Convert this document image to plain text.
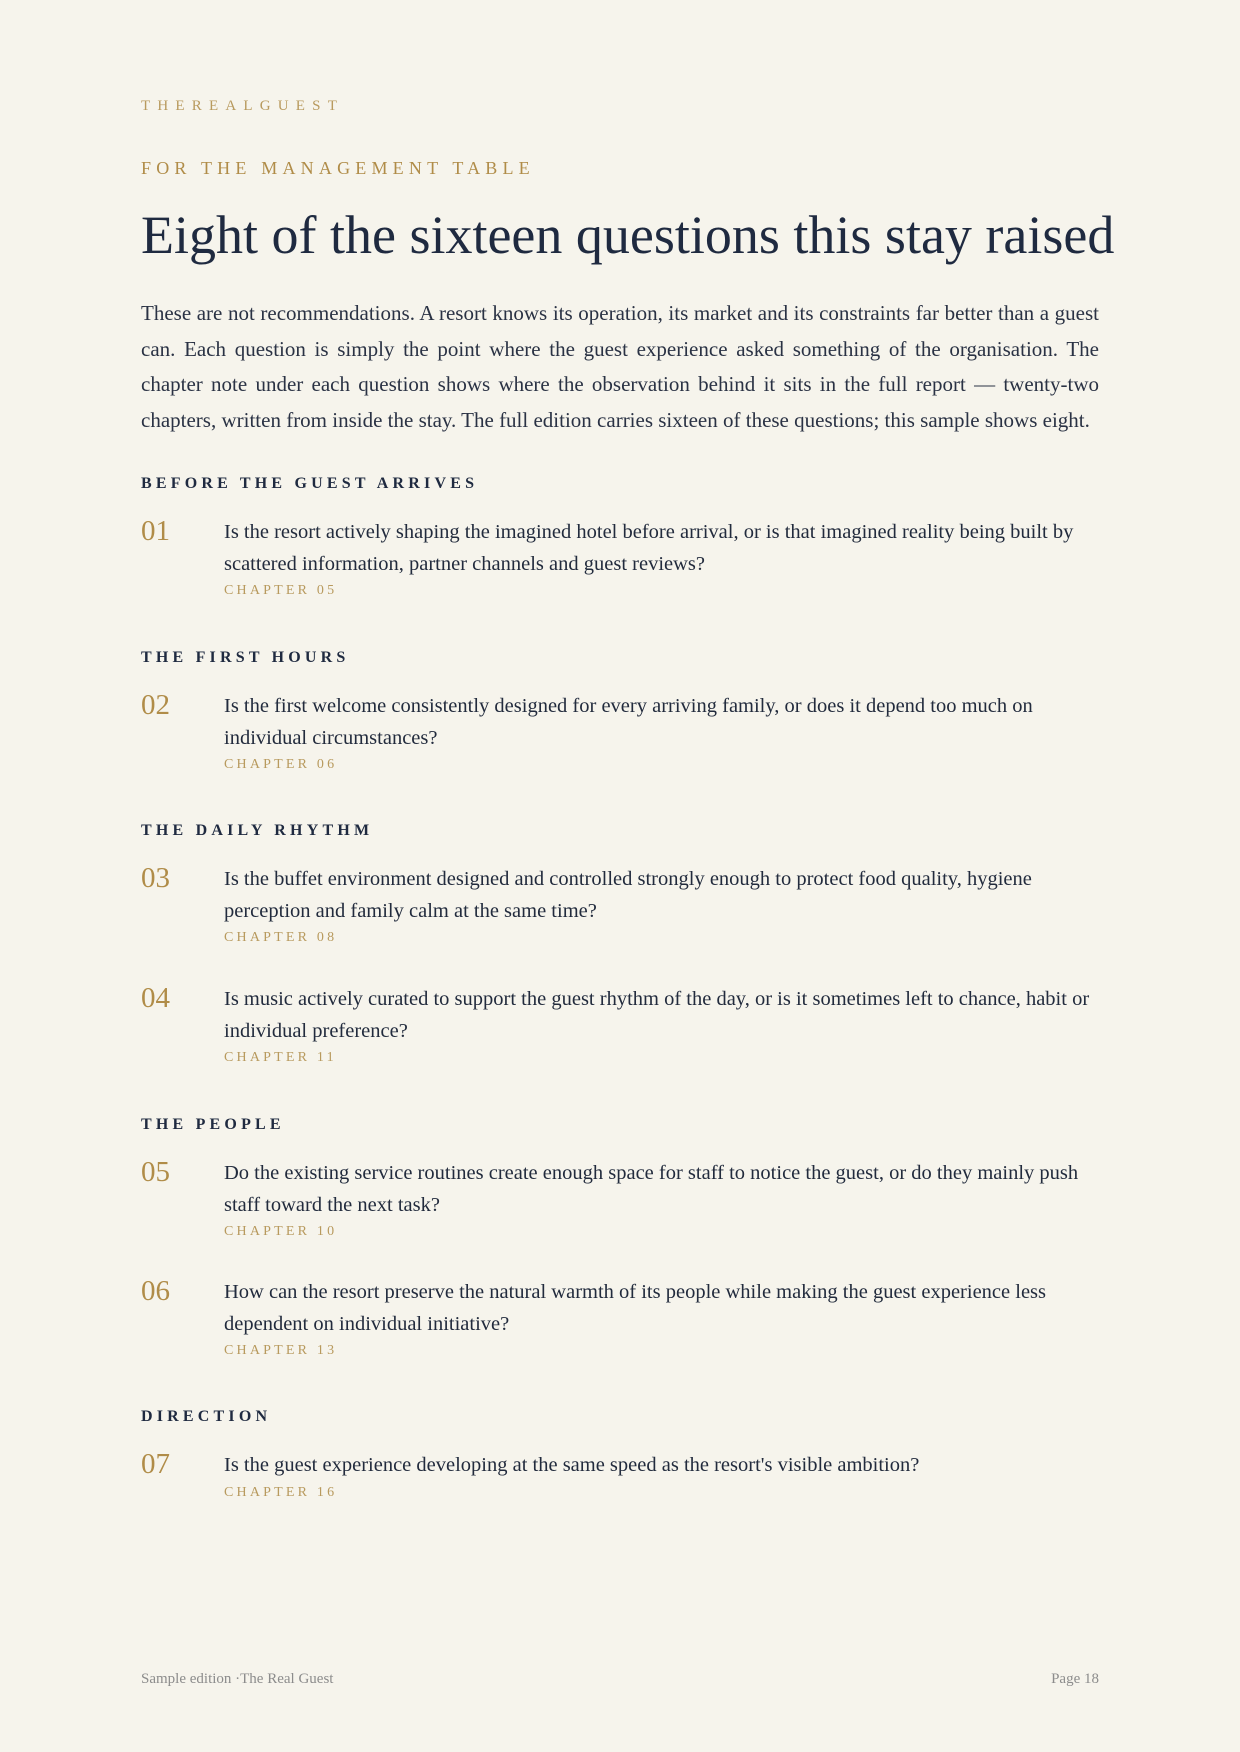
THEREALGUEST
FOR THE MANAGEMENT TABLE
Eight of the sixteen questions this stay raised

These are not recommendations. A resort knows its operation, its market and its constraints far better than a guest can. Each question is simply the point where the guest experience asked something of the organisation. The chapter note under each question shows where the observation behind it sits in the full report — twenty-two chapters, written from inside the stay. The full edition carries sixteen of these questions; this sample shows eight.

BEFORE THE GUEST ARRIVES
01	Is the resort actively shaping the imagined hotel before arrival, or is that imagined reality being built by scattered information, partner channels and guest reviews?
CHAPTER 05
THE FIRST HOURS
02	Is the first welcome consistently designed for every arriving family, or does it depend too much on individual circumstances?
CHAPTER 06
THE DAILY RHYTHM
03	Is the buffet environment designed and controlled strongly enough to protect food quality, hygiene perception and family calm at the same time?
CHAPTER 08
04	Is music actively curated to support the guest rhythm of the day, or is it sometimes left to chance, habit or individual preference?
CHAPTER 11
THE PEOPLE
05	Do the existing service routines create enough space for staff to notice the guest, or do they mainly push staff toward the next task?
CHAPTER 10
06	How can the resort preserve the natural warmth of its people while making the guest experience less dependent on individual initiative?
CHAPTER 13
DIRECTION
07	Is the guest experience developing at the same speed as the resort's visible ambition?
CHAPTER 16
Sample edition ·The Real Guest	Page 18
